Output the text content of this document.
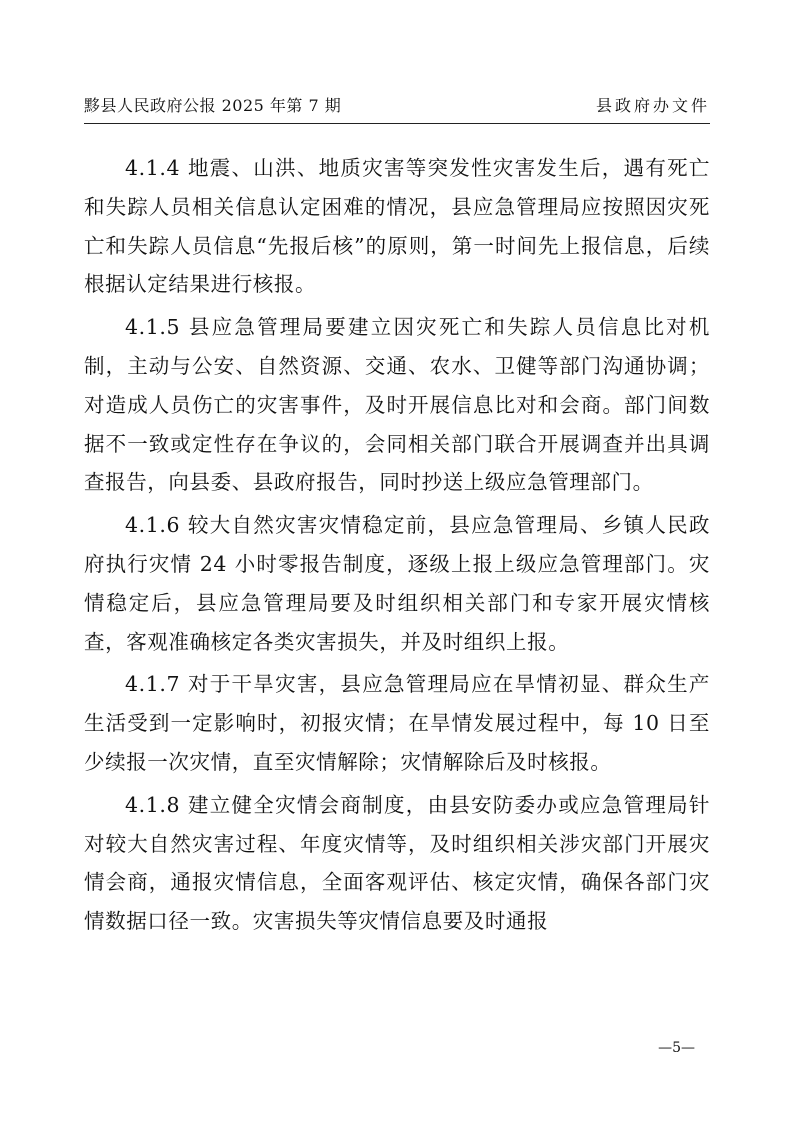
黟县人民政府公报 2025 年第 7 期	县政府办文件

4.1.4 地震、山洪、地质灾害等突发性灾害发生后，遇有死亡和失踪人员相关信息认定困难的情况，县应急管理局应按照因灾死亡和失踪人员信息“先报后核”的原则，第一时间先上报信息，后续根据认定结果进行核报。

4.1.5 县应急管理局要建立因灾死亡和失踪人员信息比对机制，主动与公安、自然资源、交通、农水、卫健等部门沟通协调；对造成人员伤亡的灾害事件，及时开展信息比对和会商。部门间数据不一致或定性存在争议的，会同相关部门联合开展调查并出具调查报告，向县委、县政府报告，同时抄送上级应急管理部门。

4.1.6 较大自然灾害灾情稳定前，县应急管理局、乡镇人民政府执行灾情 24 小时零报告制度，逐级上报上级应急管理部门。灾情稳定后，县应急管理局要及时组织相关部门和专家开展灾情核查，客观准确核定各类灾害损失，并及时组织上报。

4.1.7 对于干旱灾害，县应急管理局应在旱情初显、群众生产生活受到一定影响时，初报灾情；在旱情发展过程中，每 10 日至少续报一次灾情，直至灾情解除；灾情解除后及时核报。

4.1.8 建立健全灾情会商制度，由县安防委办或应急管理局针对较大自然灾害过程、年度灾情等，及时组织相关涉灾部门开展灾情会商，通报灾情信息，全面客观评估、核定灾情，确保各部门灾情数据口径一致。灾害损失等灾情信息要及时通报

—5—
